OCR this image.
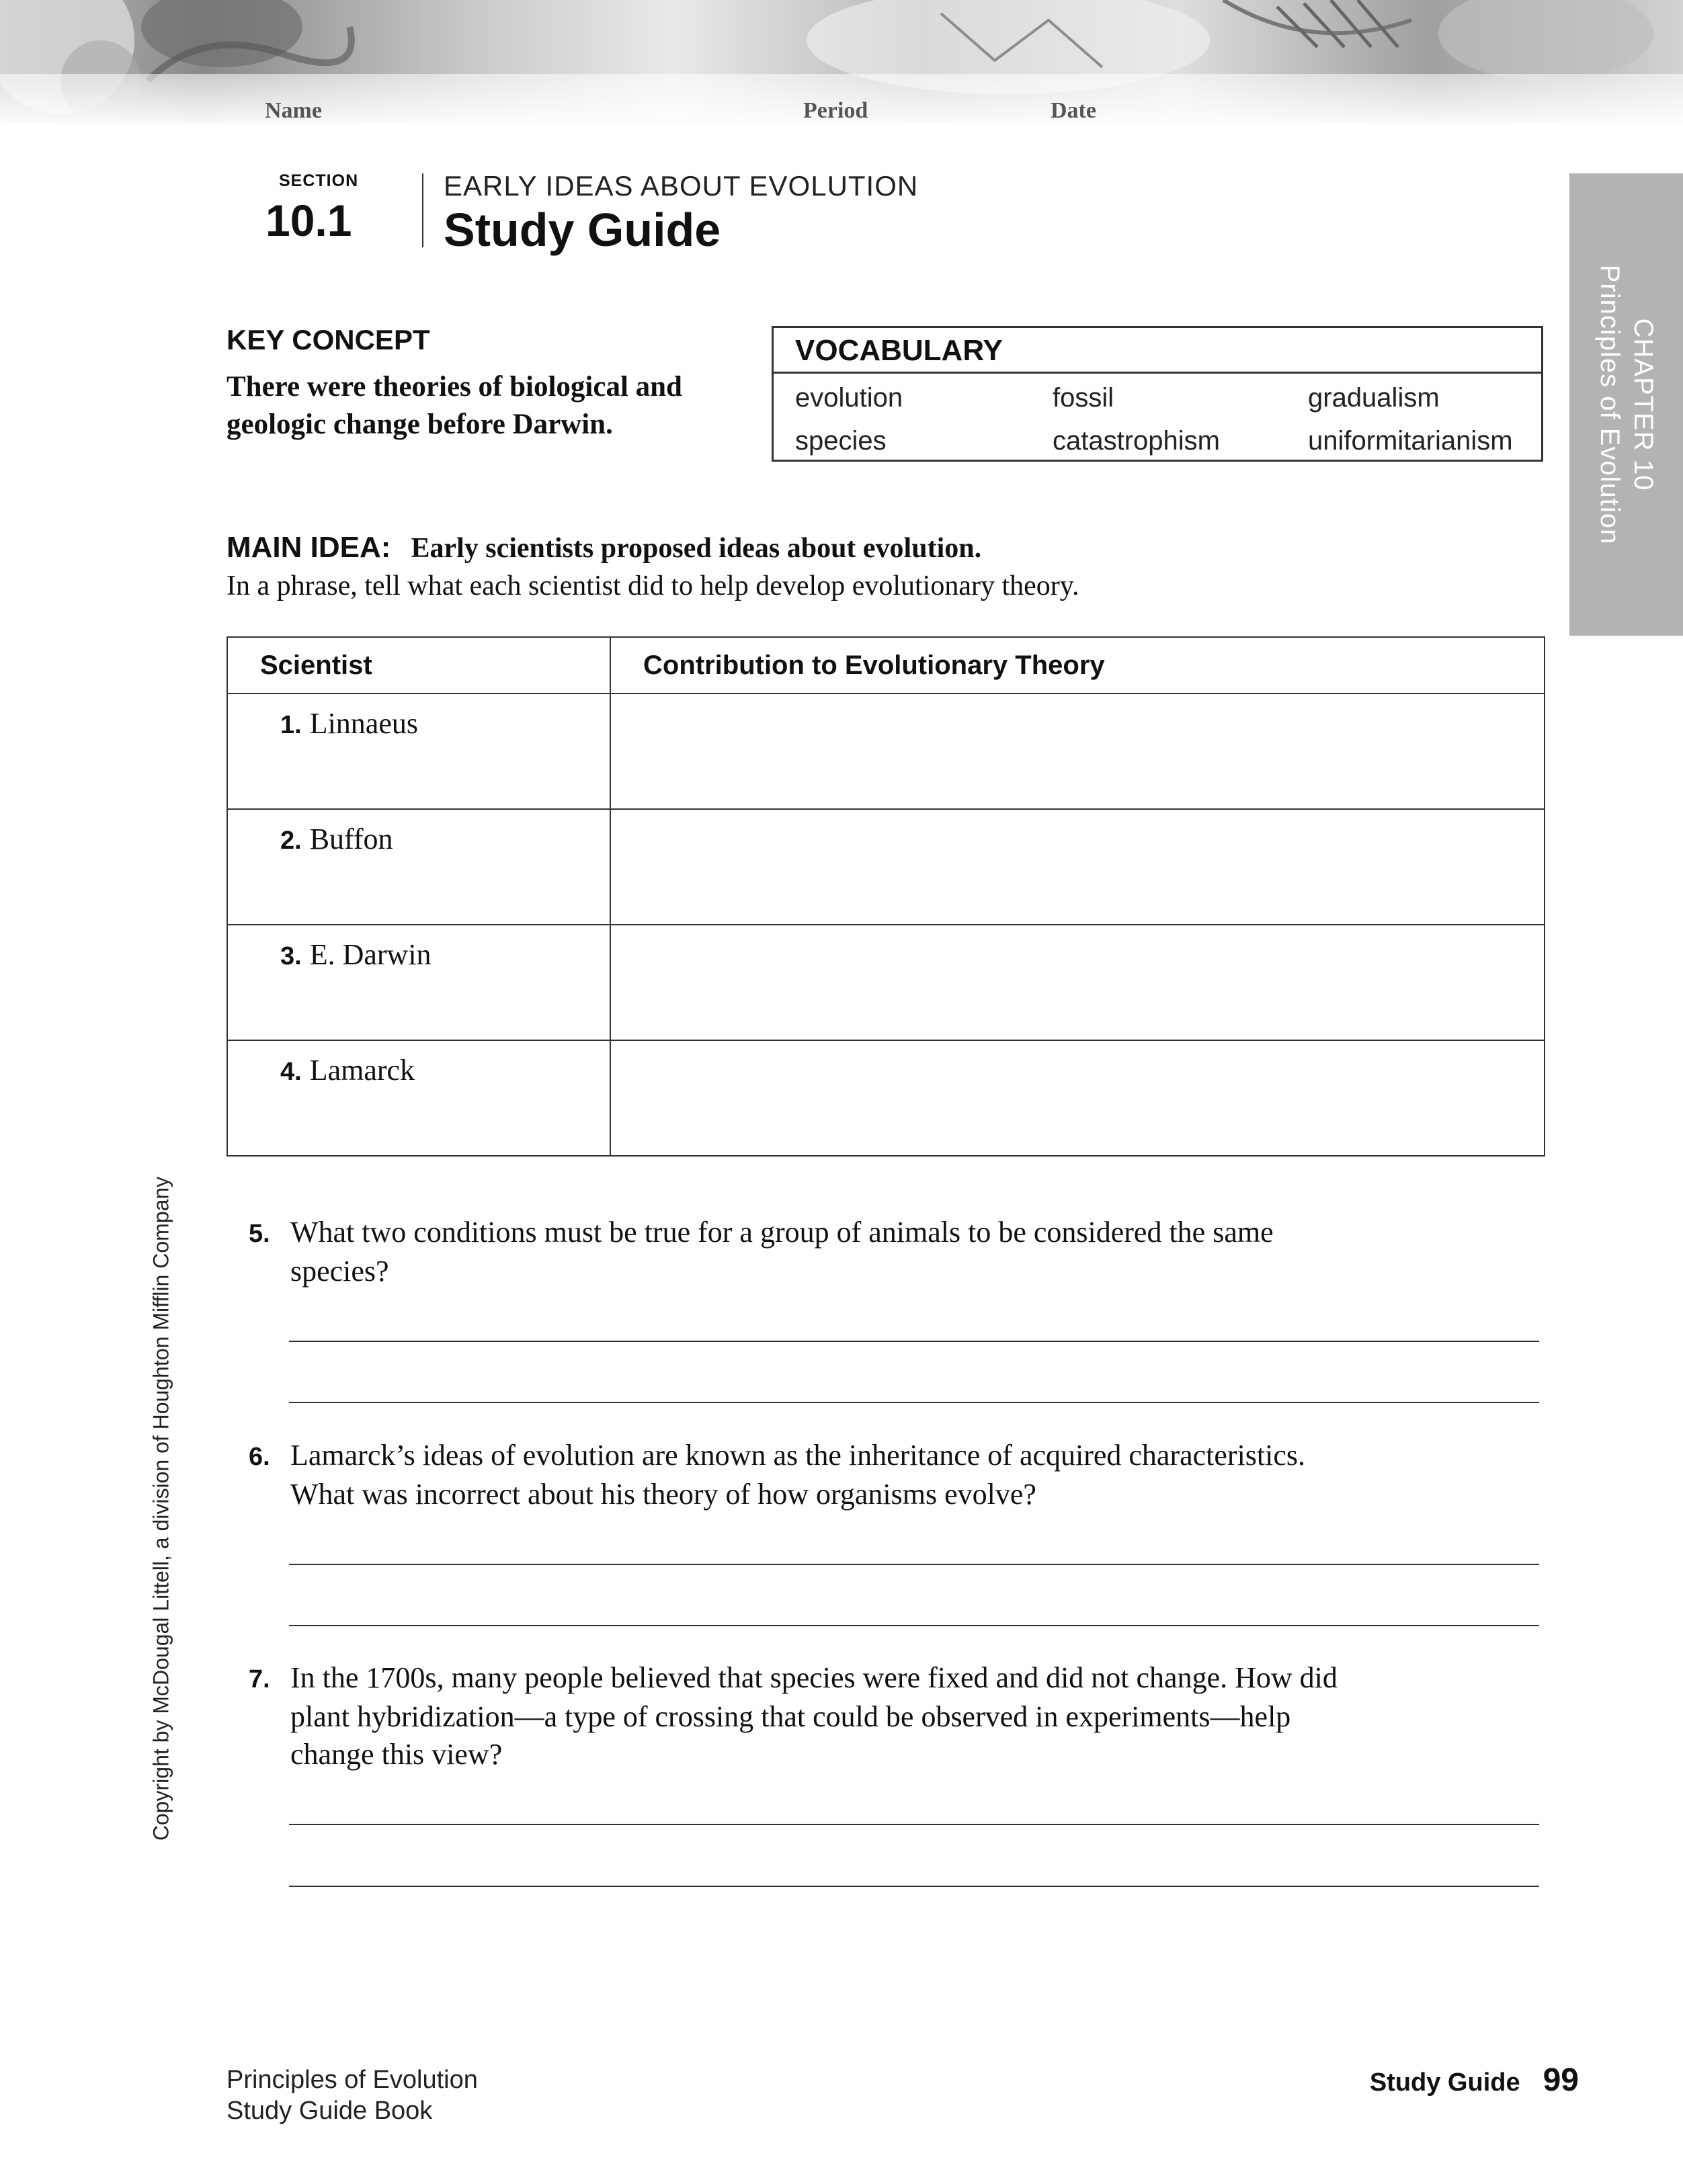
Name	Period	Date
SECTION
10.1
EARLY IDEAS ABOUT EVOLUTION
Study Guide
CHAPTER 10
Principles of Evolution
KEY CONCEPT
There were theories of biological and geologic change before Darwin.
VOCABULARY
evolution	fossil	gradualism
species	catastrophism	uniformitarianism
MAIN IDEA: Early scientists proposed ideas about evolution.
In a phrase, tell what each scientist did to help develop evolutionary theory.
Scientist	Contribution to Evolutionary Theory
1. Linnaeus	
2. Buffon	
3. E. Darwin	
4. Lamarck	
5. What two conditions must be true for a group of animals to be considered the same
species?
6. Lamarck’s ideas of evolution are known as the inheritance of acquired characteristics.
What was incorrect about his theory of how organisms evolve?
7. In the 1700s, many people believed that species were fixed and did not change. How did
plant hybridization—a type of crossing that could be observed in experiments—help
change this view?
Copyright by McDougal Littell, a division of Houghton Mifflin Company
Principles of Evolution
Study Guide Book
Study Guide 99
